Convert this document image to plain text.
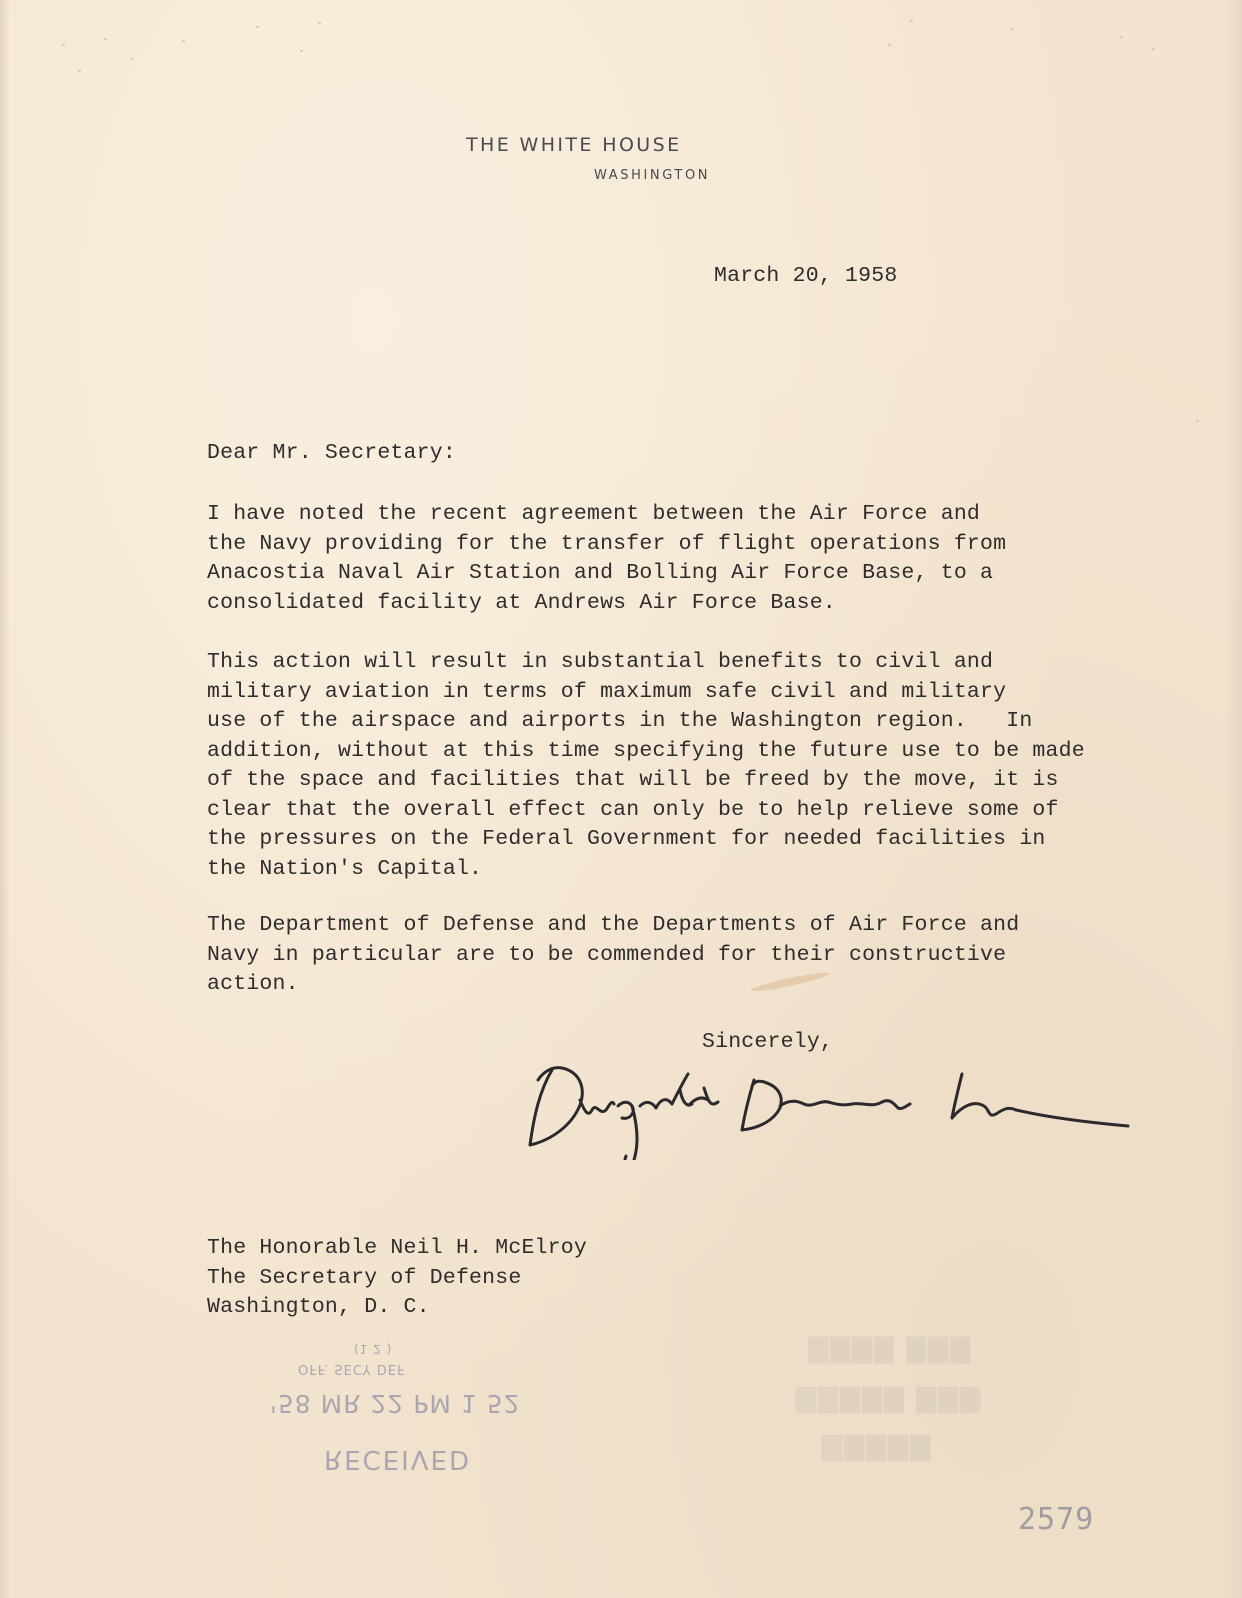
THE WHITE HOUSE
WASHINGTON
March 20, 1958
Dear Mr. Secretary:
I have noted the recent agreement between the Air Force and
the Navy providing for the transfer of flight operations from
Anacostia Naval Air Station and Bolling Air Force Base, to a
consolidated facility at Andrews Air Force Base.
This action will result in substantial benefits to civil and
military aviation in terms of maximum safe civil and military
use of the airspace and airports in the Washington region.   In
addition, without at this time specifying the future use to be made
of the space and facilities that will be freed by the move, it is
clear that the overall effect can only be to help relieve some of
the pressures on the Federal Government for needed facilities in
the Nation's Capital.
The Department of Defense and the Departments of Air Force and
Navy in particular are to be commended for their constructive
action.
Sincerely,
The Honorable Neil H. McElroy
The Secretary of Defense
Washington, D. C.
RECEIVED
'58 MR 22 PM 1 52
OFF. SECY DEF
(1 2 )	▇▇▇ ▇▇▇▇
▇▇▇ ▇▇▇▇▇
▇▇▇▇▇
2579
